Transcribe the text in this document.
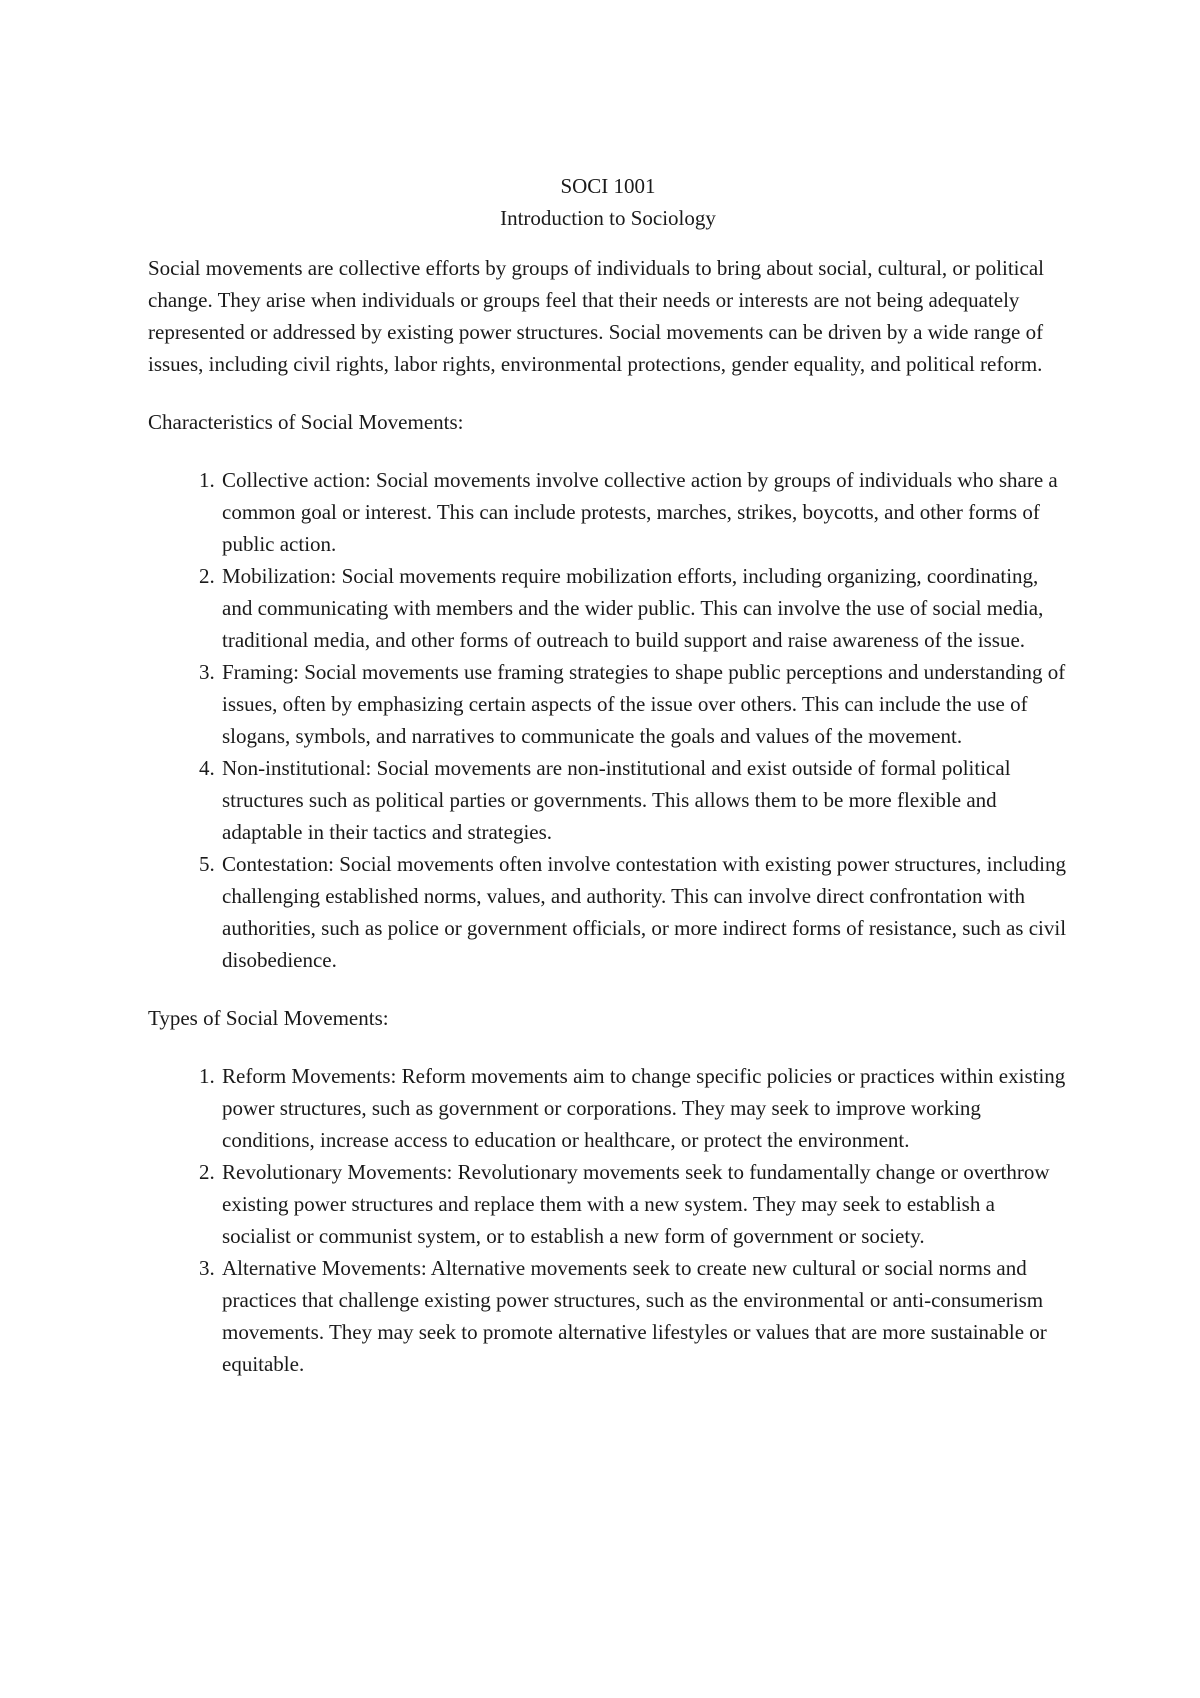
SOCI 1001
Introduction to Sociology

Social movements are collective efforts by groups of individuals to bring about social, cultural, or political change. They arise when individuals or groups feel that their needs or interests are not being adequately represented or addressed by existing power structures. Social movements can be driven by a wide range of issues, including civil rights, labor rights, environmental protections, gender equality, and political reform.

Characteristics of Social Movements:
1. Collective action: Social movements involve collective action by groups of individuals who share a common goal or interest. This can include protests, marches, strikes, boycotts, and other forms of public action.
2. Mobilization: Social movements require mobilization efforts, including organizing, coordinating, and communicating with members and the wider public. This can involve the use of social media, traditional media, and other forms of outreach to build support and raise awareness of the issue.
3. Framing: Social movements use framing strategies to shape public perceptions and understanding of issues, often by emphasizing certain aspects of the issue over others. This can include the use of slogans, symbols, and narratives to communicate the goals and values of the movement.
4. Non-institutional: Social movements are non-institutional and exist outside of formal political structures such as political parties or governments. This allows them to be more flexible and adaptable in their tactics and strategies.
5. Contestation: Social movements often involve contestation with existing power structures, including challenging established norms, values, and authority. This can involve direct confrontation with authorities, such as police or government officials, or more indirect forms of resistance, such as civil disobedience.
Types of Social Movements:
1. Reform Movements: Reform movements aim to change specific policies or practices within existing power structures, such as government or corporations. They may seek to improve working conditions, increase access to education or healthcare, or protect the environment.
2. Revolutionary Movements: Revolutionary movements seek to fundamentally change or overthrow existing power structures and replace them with a new system. They may seek to establish a socialist or communist system, or to establish a new form of government or society.
3. Alternative Movements: Alternative movements seek to create new cultural or social norms and practices that challenge existing power structures, such as the environmental or anti-consumerism movements. They may seek to promote alternative lifestyles or values that are more sustainable or equitable.
